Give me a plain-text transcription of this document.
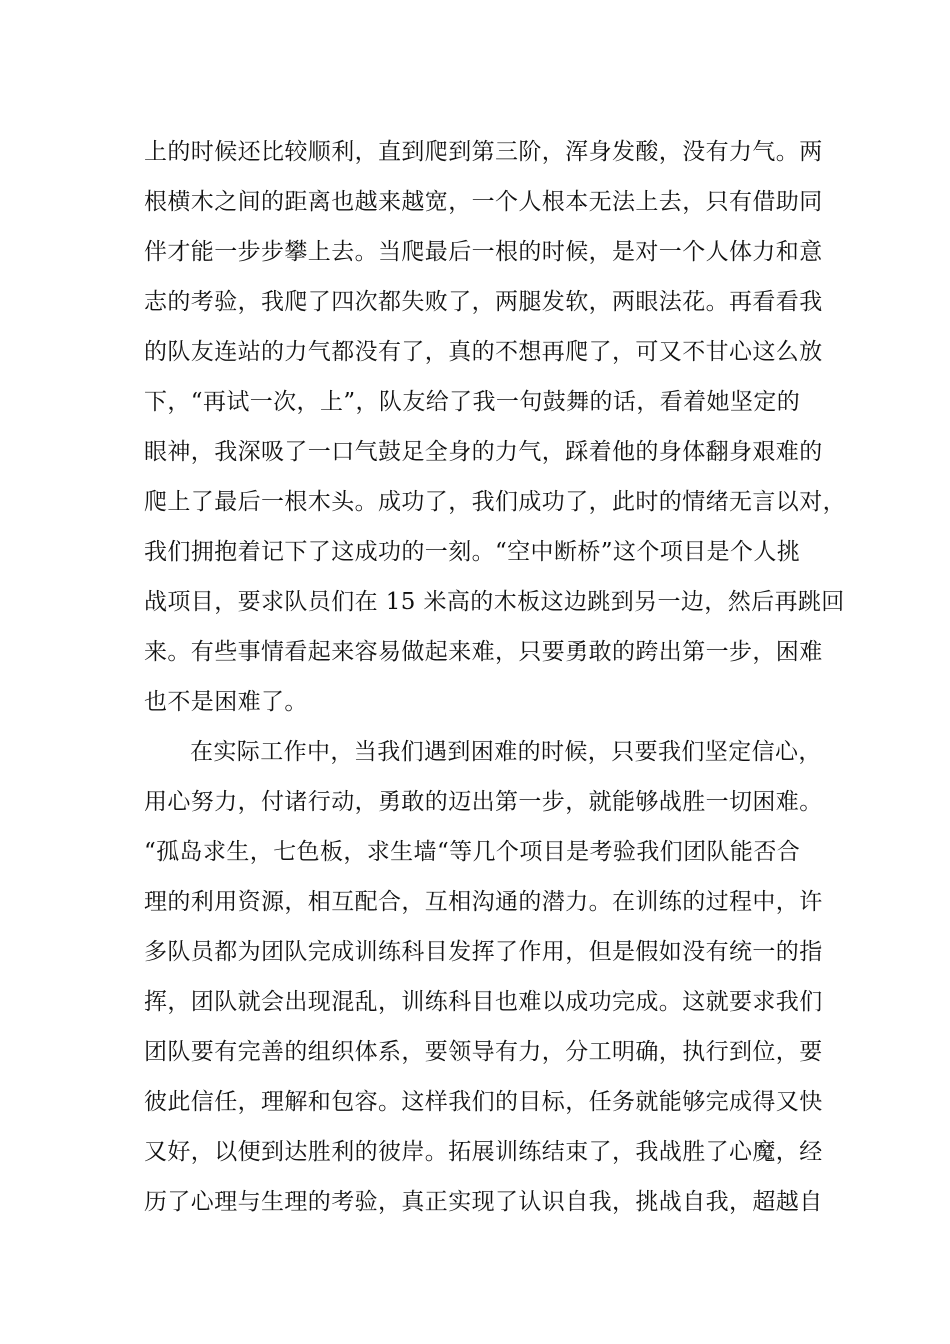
上的时候还比较顺利，直到爬到第三阶，浑身发酸，没有力气。两
根横木之间的距离也越来越宽，一个人根本无法上去，只有借助同
伴才能一步步攀上去。当爬最后一根的时候，是对一个人体力和意
志的考验，我爬了四次都失败了，两腿发软，两眼法花。再看看我
的队友连站的力气都没有了，真的不想再爬了，可又不甘心这么放
下，“再试一次，上”，队友给了我一句鼓舞的话，看着她坚定的
眼神，我深吸了一口气鼓足全身的力气，踩着他的身体翻身艰难的
爬上了最后一根木头。成功了，我们成功了，此时的情绪无言以对，
我们拥抱着记下了这成功的一刻。“空中断桥”这个项目是个人挑
战项目，要求队员们在 15 米高的木板这边跳到另一边，然后再跳回
来。有些事情看起来容易做起来难，只要勇敢的跨出第一步，困难
也不是困难了。
在实际工作中，当我们遇到困难的时候，只要我们坚定信心，
用心努力，付诸行动，勇敢的迈出第一步，就能够战胜一切困难。
“孤岛求生，七色板，求生墙“等几个项目是考验我们团队能否合
理的利用资源，相互配合，互相沟通的潜力。在训练的过程中，许
多队员都为团队完成训练科目发挥了作用，但是假如没有统一的指
挥，团队就会出现混乱，训练科目也难以成功完成。这就要求我们
团队要有完善的组织体系，要领导有力，分工明确，执行到位，要
彼此信任，理解和包容。这样我们的目标，任务就能够完成得又快
又好，以便到达胜利的彼岸。拓展训练结束了，我战胜了心魔，经
历了心理与生理的考验，真正实现了认识自我，挑战自我，超越自
